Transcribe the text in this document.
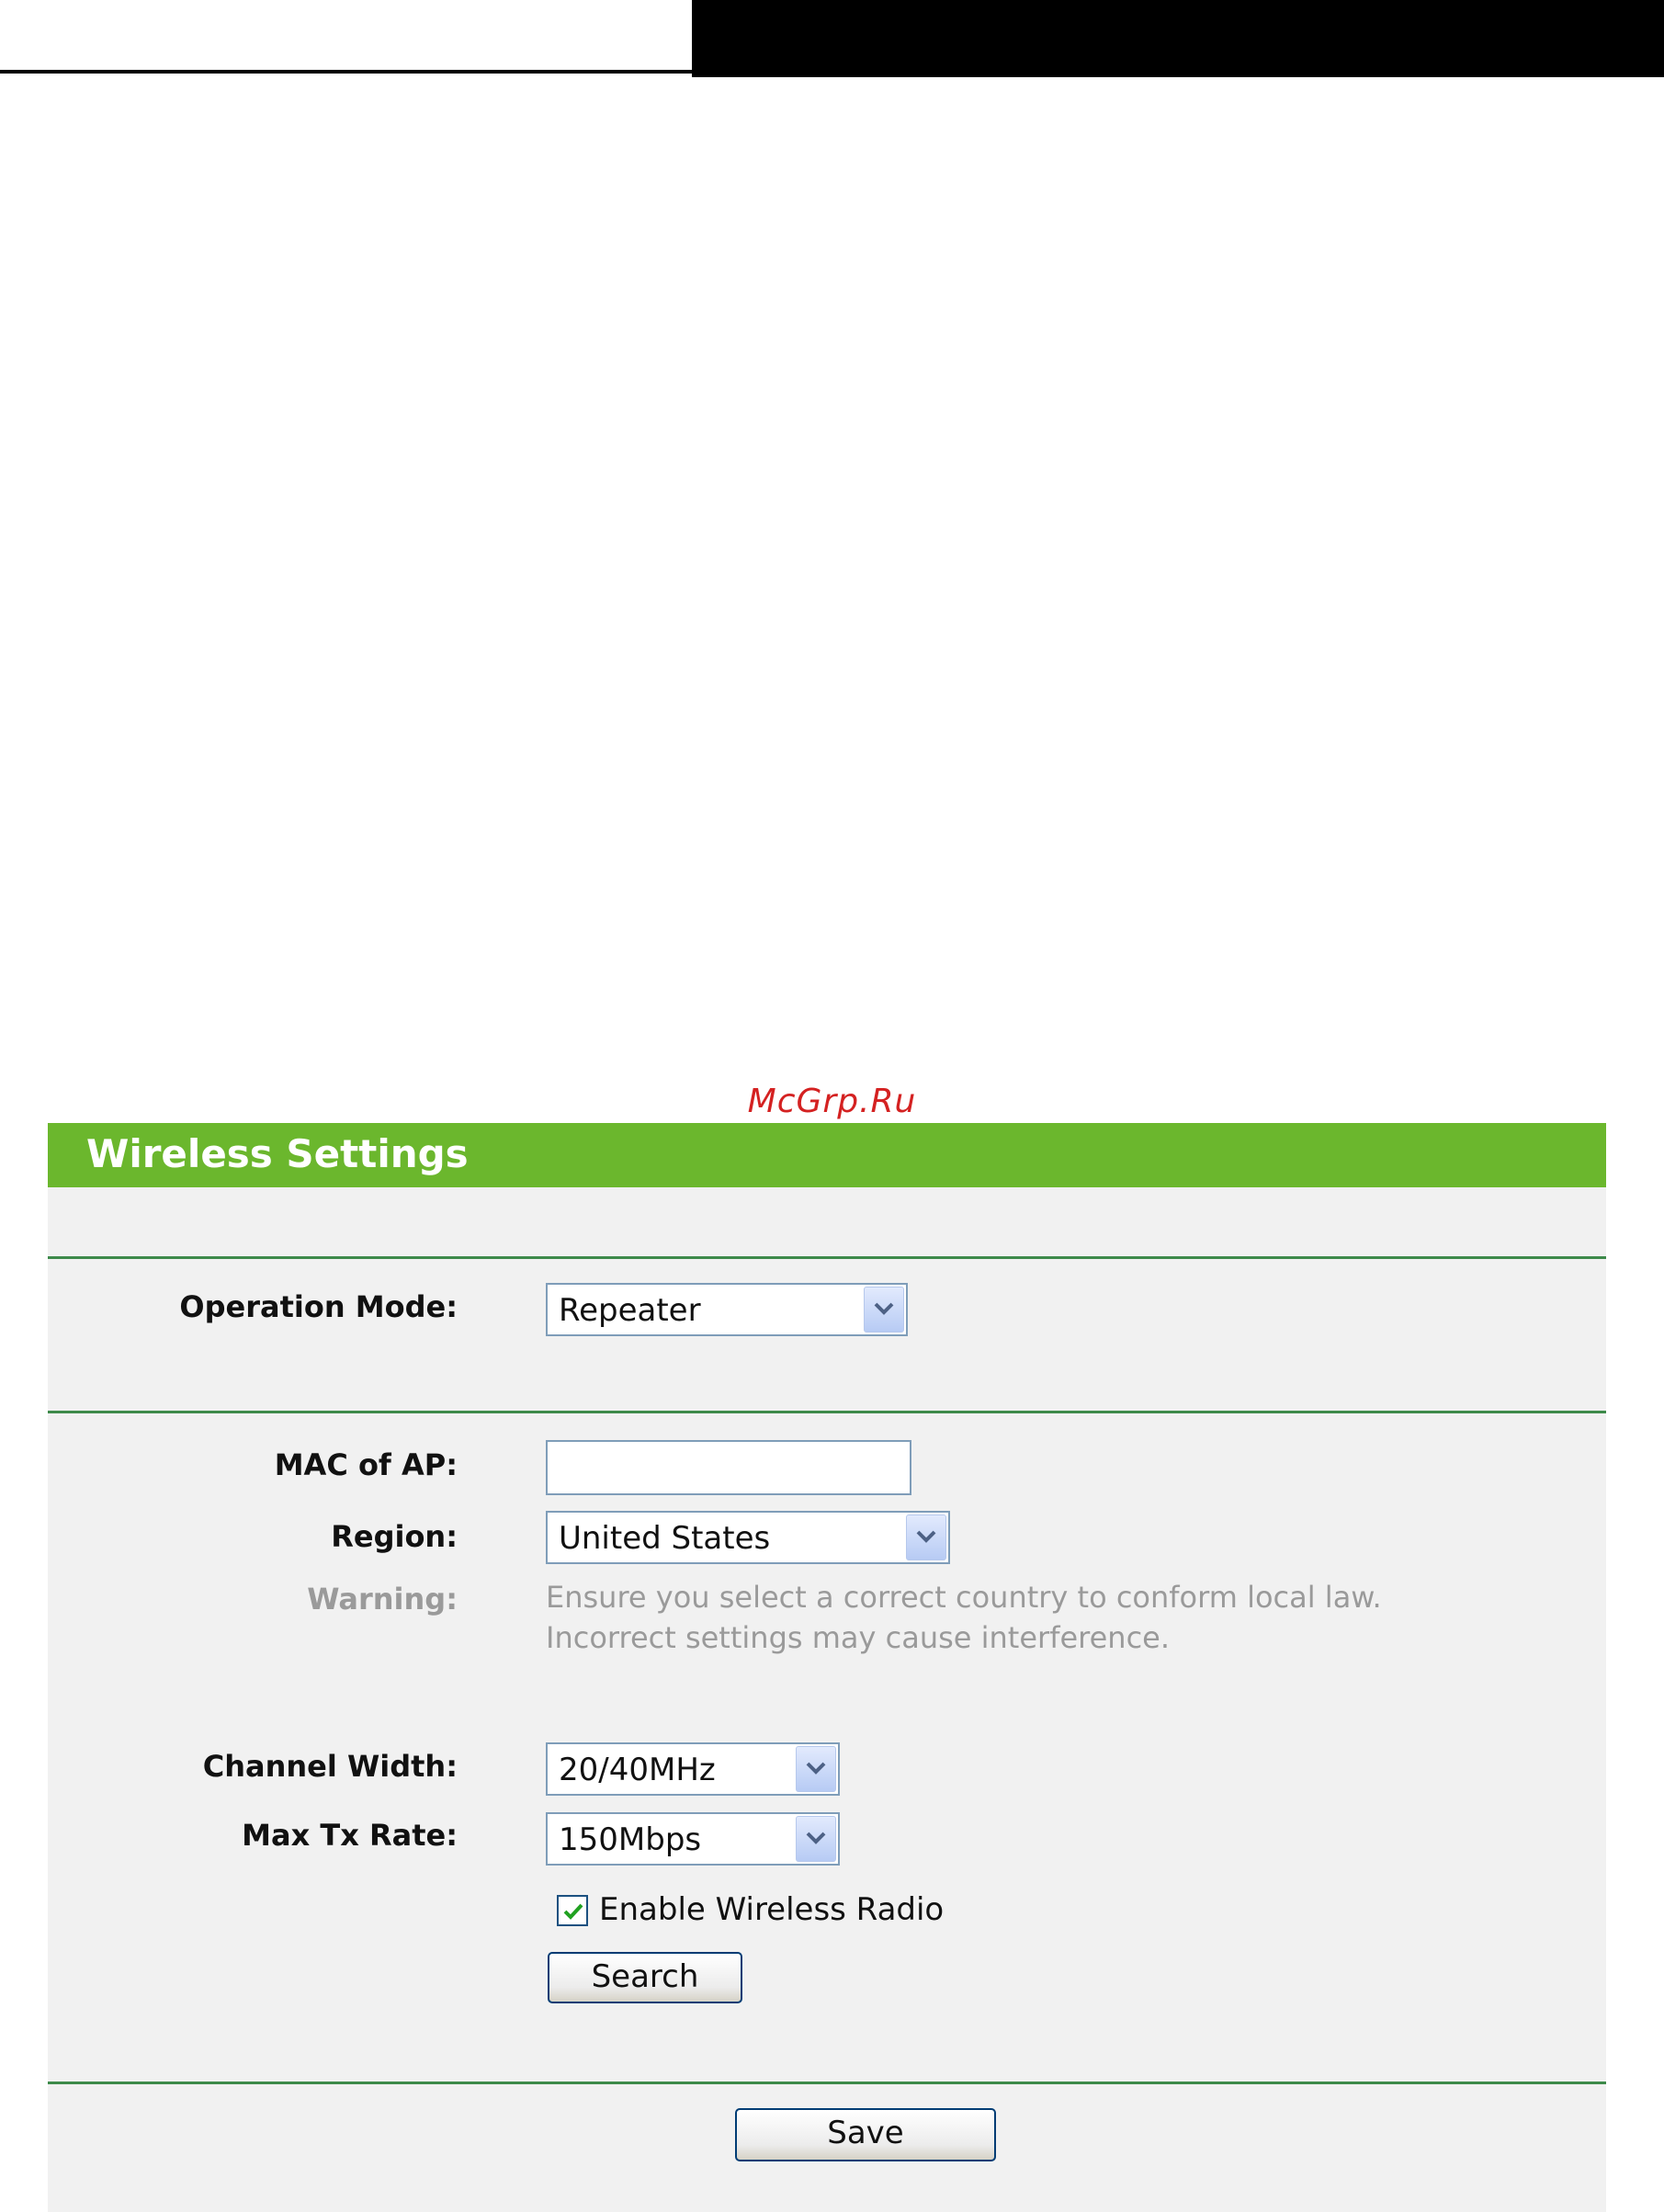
McGrp.Ru
Wireless Settings
Operation Mode:	Repeater
MAC of AP:
Region:	United States
Warning:	Ensure you select a correct country to conform local law.
Incorrect settings may cause interference.
Channel Width:	20/40MHz
Max Tx Rate:	150Mbps
Enable Wireless Radio
Search
Save
